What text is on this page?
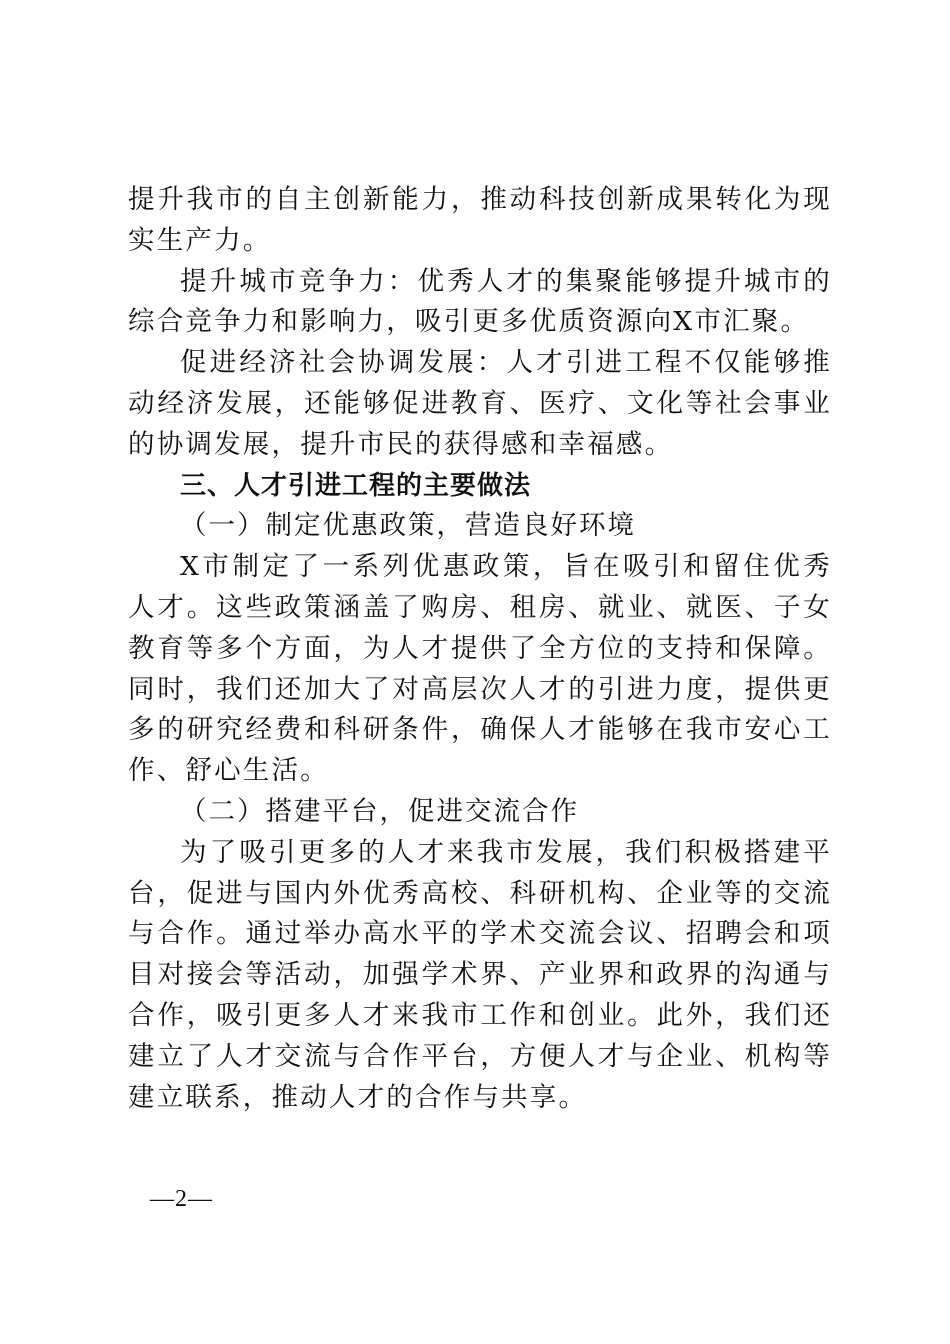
提升我市的自主创新能力，推动科技创新成果转化为现实生产力。

提升城市竞争力：优秀人才的集聚能够提升城市的综合竞争力和影响力，吸引更多优质资源向X市汇聚。

促进经济社会协调发展：人才引进工程不仅能够推动经济发展，还能够促进教育、医疗、文化等社会事业的协调发展，提升市民的获得感和幸福感。

三、人才引进工程的主要做法

（一）制定优惠政策，营造良好环境

X市制定了一系列优惠政策，旨在吸引和留住优秀人才。这些政策涵盖了购房、租房、就业、就医、子女教育等多个方面，为人才提供了全方位的支持和保障。同时，我们还加大了对高层次人才的引进力度，提供更多的研究经费和科研条件，确保人才能够在我市安心工作、舒心生活。

（二）搭建平台，促进交流合作

为了吸引更多的人才来我市发展，我们积极搭建平台，促进与国内外优秀高校、科研机构、企业等的交流与合作。通过举办高水平的学术交流会议、招聘会和项目对接会等活动，加强学术界、产业界和政界的沟通与合作，吸引更多人才来我市工作和创业。此外，我们还建立了人才交流与合作平台，方便人才与企业、机构等建立联系，推动人才的合作与共享。

—2—
